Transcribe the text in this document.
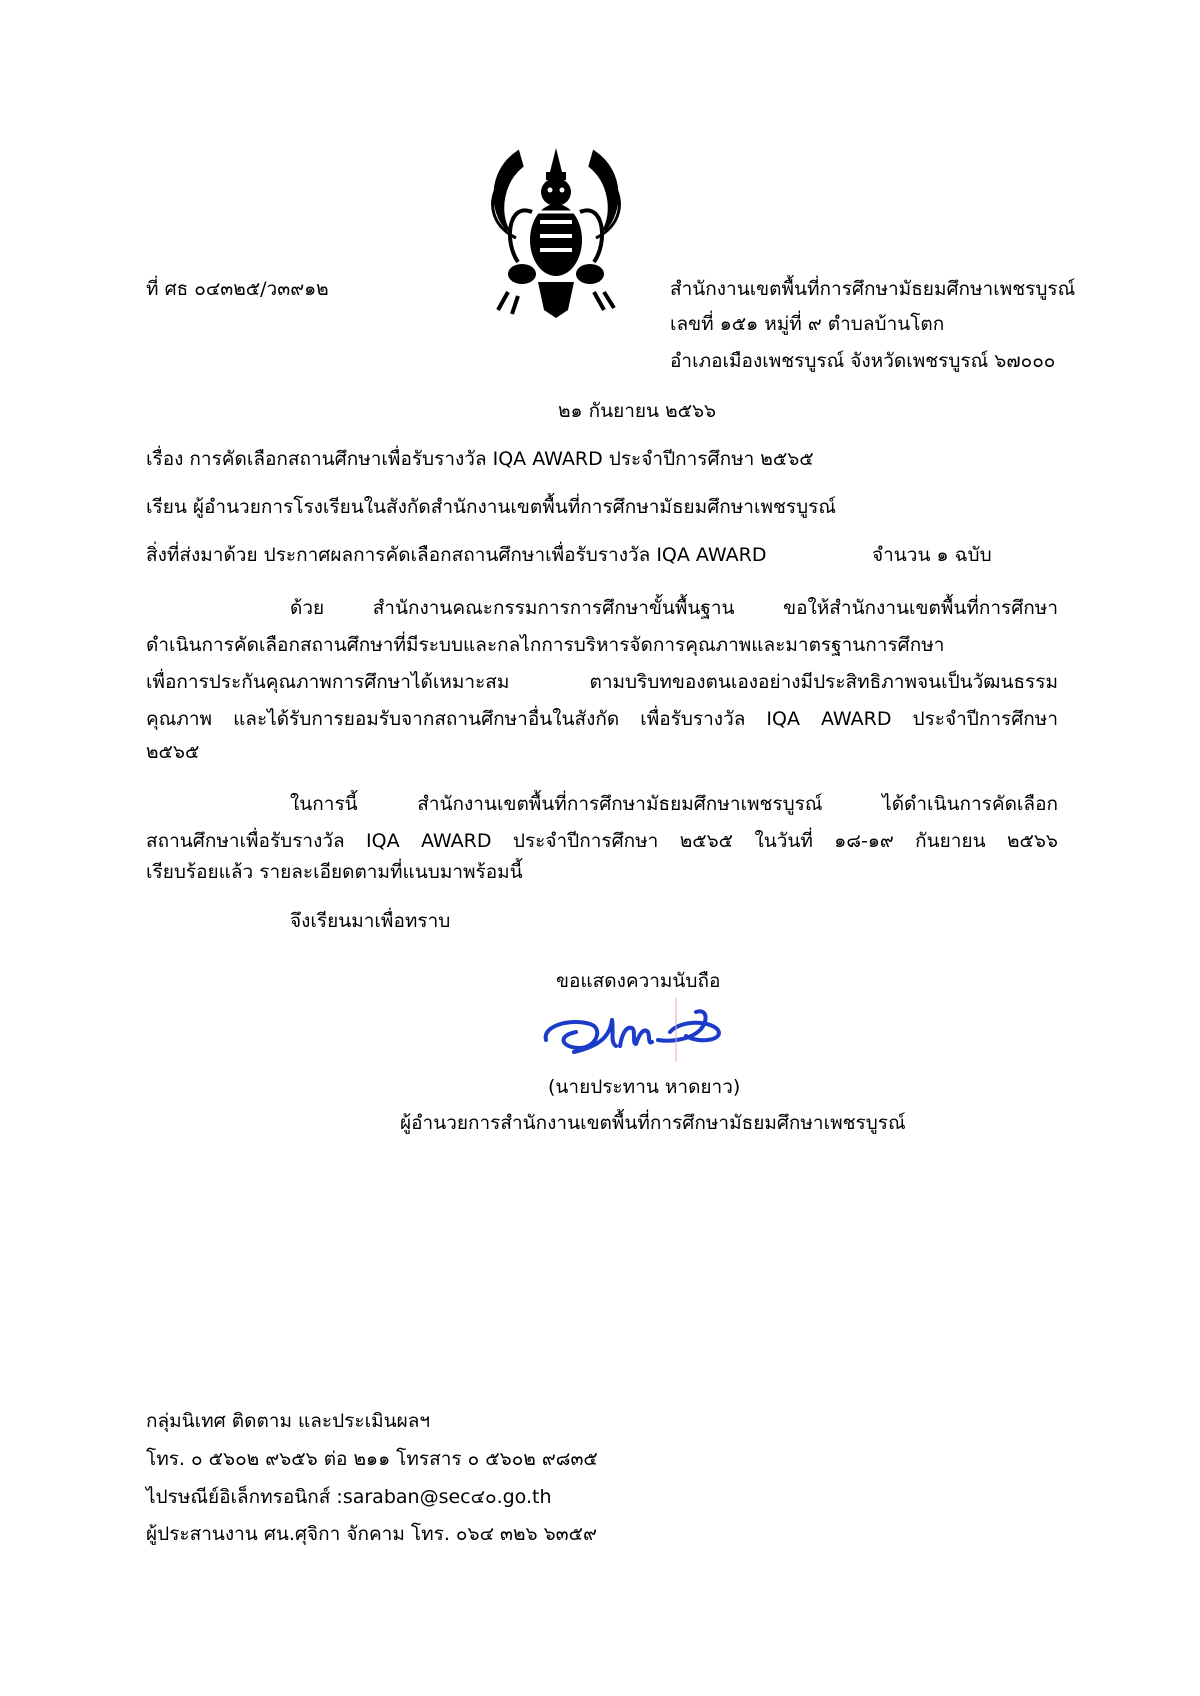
ที่ ศธ ๐๔๓๒๕/ว๓๙๑๒	สำนักงานเขตพื้นที่การศึกษามัธยมศึกษาเพชรบูรณ์
เลขที่ ๑๕๑ หมู่ที่ ๙ ตำบลบ้านโตก
อำเภอเมืองเพชรบูรณ์ จังหวัดเพชรบูรณ์ ๖๗๐๐๐
๒๑ กันยายน ๒๕๖๖
เรื่อง การคัดเลือกสถานศึกษาเพื่อรับรางวัล IQA AWARD ประจำปีการศึกษา ๒๕๖๕
เรียน ผู้อำนวยการโรงเรียนในสังกัดสำนักงานเขตพื้นที่การศึกษามัธยมศึกษาเพชรบูรณ์
สิ่งที่ส่งมาด้วย ประกาศผลการคัดเลือกสถานศึกษาเพื่อรับรางวัล IQA AWARD	จำนวน ๑ ฉบับ
ด้วย สำนักงานคณะกรรมการการศึกษาขั้นพื้นฐาน ขอให้สำนักงานเขตพื้นที่การศึกษา
ดำเนินการคัดเลือกสถานศึกษาที่มีระบบและกลไกการบริหารจัดการคุณภาพและมาตรฐานการศึกษา
เพื่อการประกันคุณภาพการศึกษาได้เหมาะสม ตามบริบทของตนเองอย่างมีประสิทธิภาพจนเป็นวัฒนธรรม
คุณภาพ และได้รับการยอมรับจากสถานศึกษาอื่นในสังกัด เพื่อรับรางวัล IQA AWARD ประจำปีการศึกษา
๒๕๖๕
ในการนี้ สำนักงานเขตพื้นที่การศึกษามัธยมศึกษาเพชรบูรณ์ ได้ดำเนินการคัดเลือก
สถานศึกษาเพื่อรับรางวัล IQA AWARD ประจำปีการศึกษา ๒๕๖๕ ในวันที่ ๑๘-๑๙ กันยายน ๒๕๖๖
เรียบร้อยแล้ว รายละเอียดตามที่แนบมาพร้อมนี้
จึงเรียนมาเพื่อทราบ
ขอแสดงความนับถือ
(นายประทาน หาดยาว)
ผู้อำนวยการสำนักงานเขตพื้นที่การศึกษามัธยมศึกษาเพชรบูรณ์
กลุ่มนิเทศ ติดตาม และประเมินผลฯ
โทร. ๐ ๕๖๐๒ ๙๖๕๖ ต่อ ๒๑๑ โทรสาร ๐ ๕๖๐๒ ๙๘๓๕
ไปรษณีย์อิเล็กทรอนิกส์ :saraban@sec๔๐.go.th
ผู้ประสานงาน ศน.ศุจิกา จักคาม โทร. ๐๖๔ ๓๒๖ ๖๓๕๙
